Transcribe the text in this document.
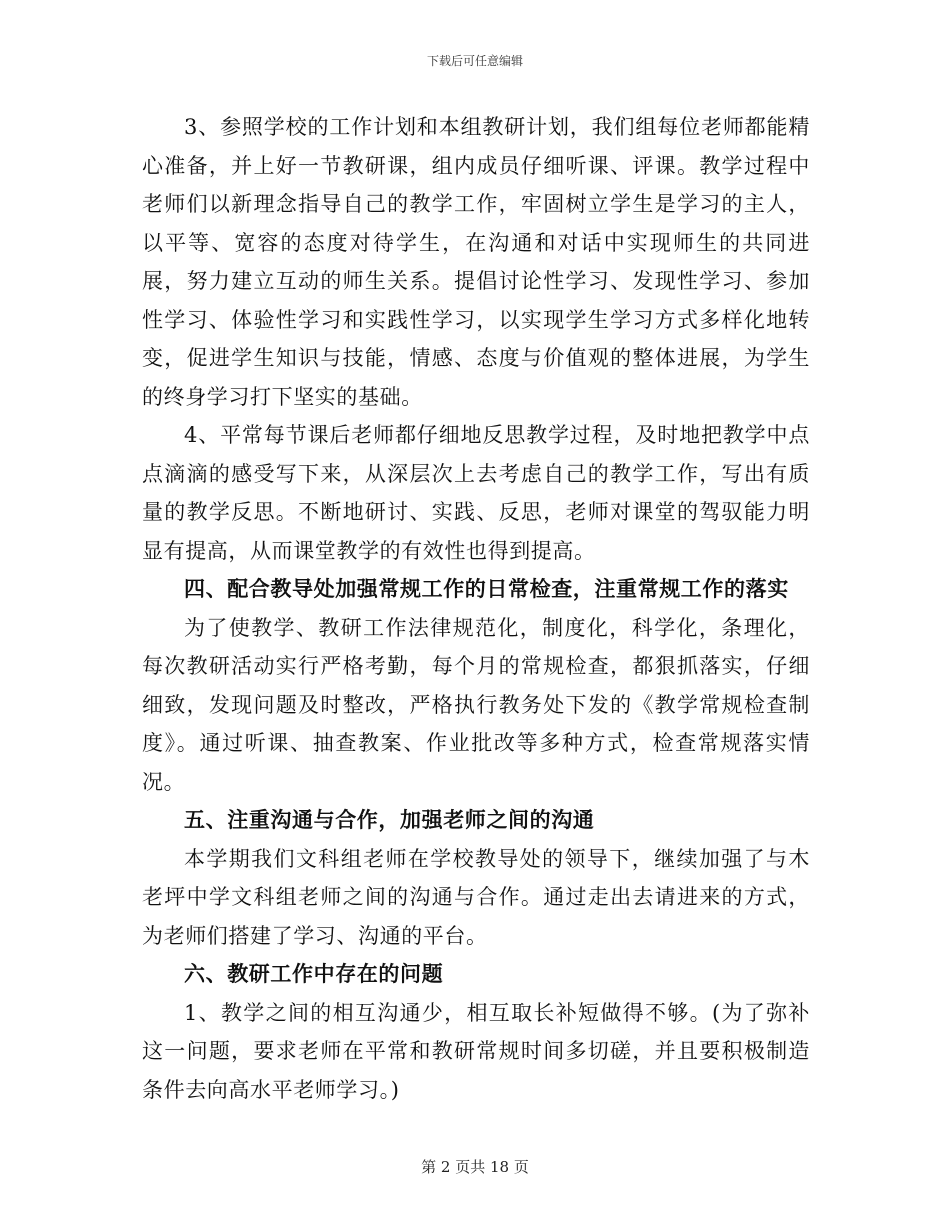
下载后可任意编辑

3、参照学校的工作计划和本组教研计划，我们组每位老师都能精心准备，并上好一节教研课，组内成员仔细听课、评课。教学过程中老师们以新理念指导自己的教学工作，牢固树立学生是学习的主人，以平等、宽容的态度对待学生，在沟通和对话中实现师生的共同进展，努力建立互动的师生关系。提倡讨论性学习、发现性学习、参加性学习、体验性学习和实践性学习，以实现学生学习方式多样化地转变，促进学生知识与技能，情感、态度与价值观的整体进展，为学生的终身学习打下坚实的基础。

4、平常每节课后老师都仔细地反思教学过程，及时地把教学中点点滴滴的感受写下来，从深层次上去考虑自己的教学工作，写出有质量的教学反思。不断地研讨、实践、反思，老师对课堂的驾驭能力明显有提高，从而课堂教学的有效性也得到提高。

四、配合教导处加强常规工作的日常检查，注重常规工作的落实

为了使教学、教研工作法律规范化，制度化，科学化，条理化，每次教研活动实行严格考勤，每个月的常规检查，都狠抓落实，仔细细致，发现问题及时整改，严格执行教务处下发的《教学常规检查制度》。通过听课、抽查教案、作业批改等多种方式，检查常规落实情况。

五、注重沟通与合作，加强老师之间的沟通

本学期我们文科组老师在学校教导处的领导下，继续加强了与木老坪中学文科组老师之间的沟通与合作。通过走出去请进来的方式，为老师们搭建了学习、沟通的平台。

六、教研工作中存在的问题

1、教学之间的相互沟通少，相互取长补短做得不够。(为了弥补这一问题，要求老师在平常和教研常规时间多切磋，并且要积极制造条件去向高水平老师学习。)

第 2 页共 18 页
